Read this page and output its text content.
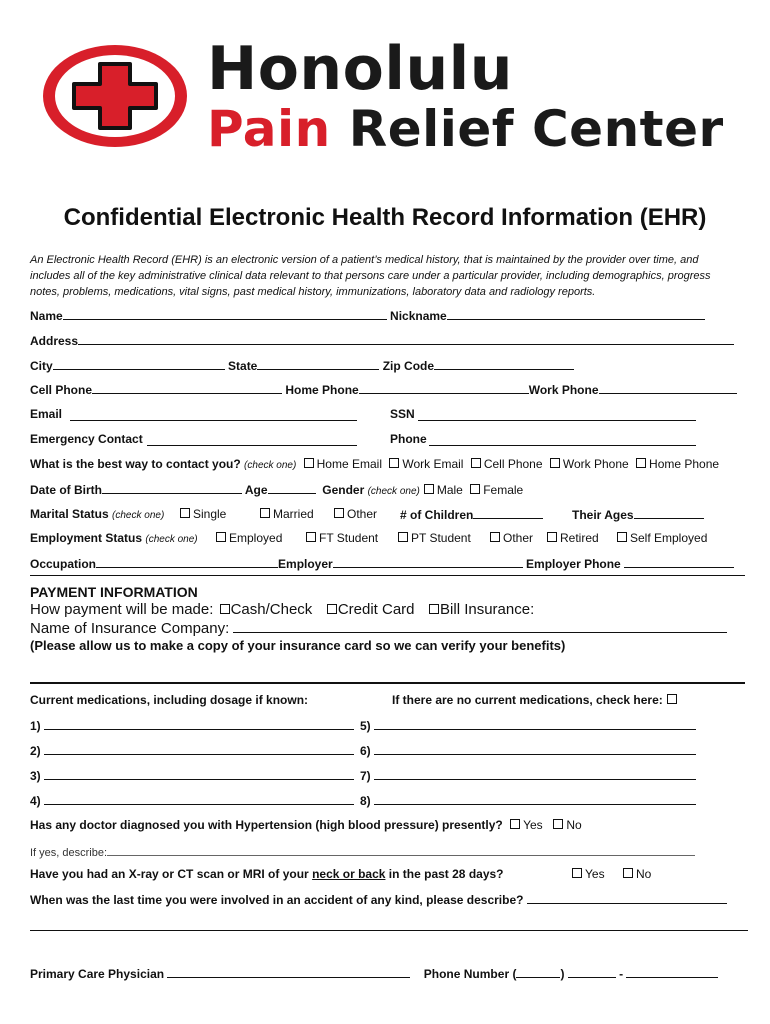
Honolulu
Pain Relief Center
Confidential Electronic Health Record Information (EHR)
An Electronic Health Record (EHR) is an electronic version of a patient’s medical history, that is maintained by the provider over time, and includes all of the key administrative clinical data relevant to that persons care under a particular provider, including demographics, progress notes, problems, medications, vital signs, past medical history, immunizations, laboratory data and radiology reports.
Name	Nickname
Address
City	State	Zip Code
Cell Phone	Home Phone	Work Phone
Email	SSN
Emergency Contact	Phone
What is the best way to contact you? (check one) Home Email Work Email Cell Phone Work Phone Home Phone
Date of Birth	Age	Gender (check one) Male Female
Marital Status (check one)	Single	Married	Other # of Children	Their Ages
Employment Status (check one)	Employed	FT Student	PT Student	Other	Retired	Self Employed
Occupation	Employer	Employer Phone
PAYMENT INFORMATION
How payment will be made: Cash/Check Credit Card Bill Insurance:
Name of Insurance Company:
(Please allow us to make a copy of your insurance card so we can verify your benefits)
Current medications, including dosage if known:	If there are no current medications, check here:
1)	5)
2)	6)
3)	7)
4)	8)
Has any doctor diagnosed you with Hypertension (high blood pressure) presently? Yes No
If yes, describe:
Have you had an X-ray or CT scan or MRI of your neck or back in the past 28 days?	Yes	No
When was the last time you were involved in an accident of any kind, please describe?
Primary Care Physician	Phone Number (	)	-
